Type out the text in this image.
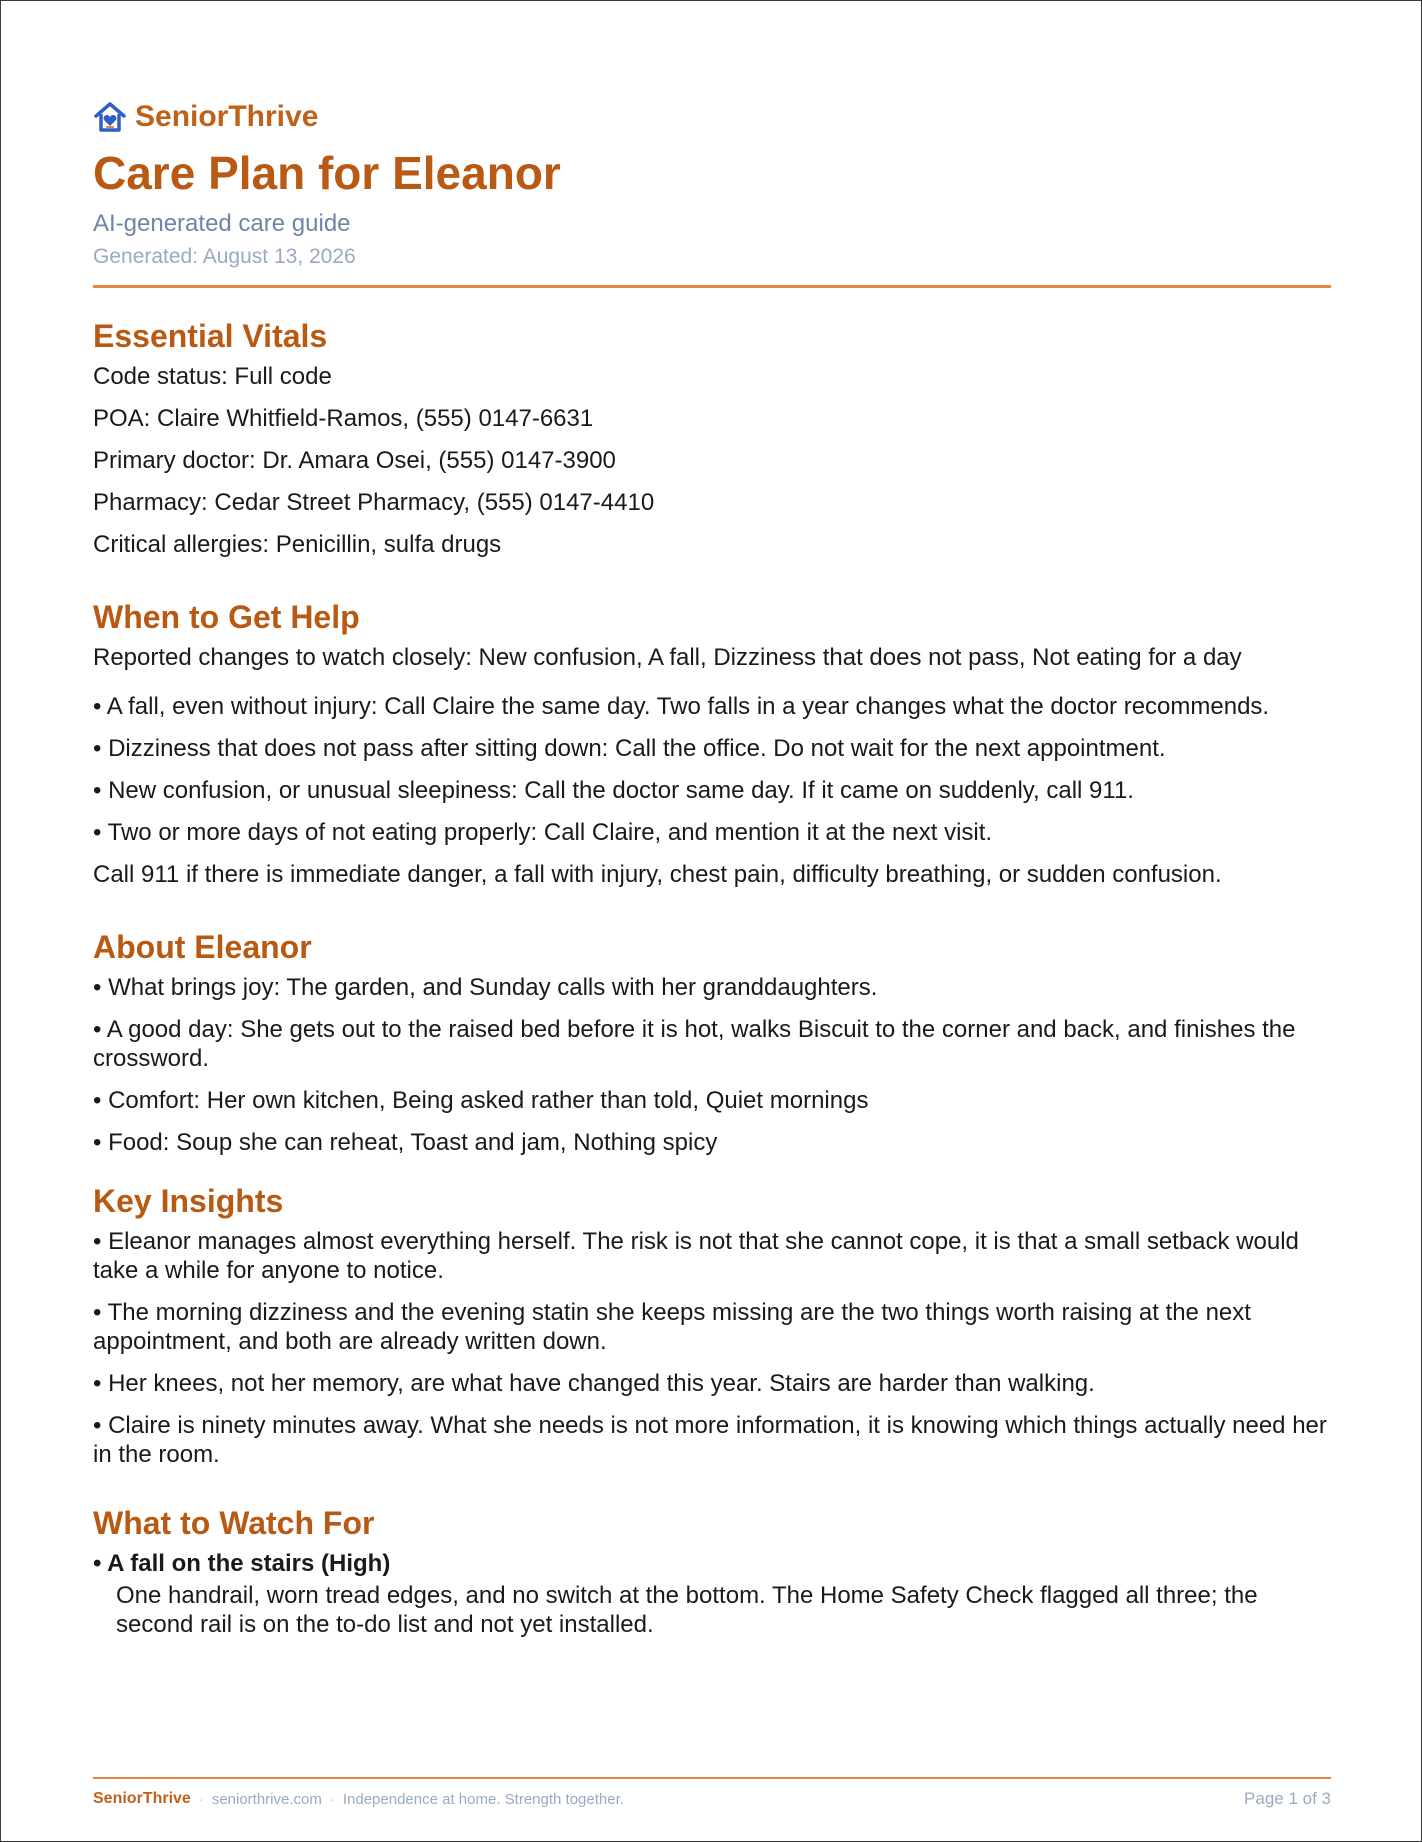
SeniorThrive
Care Plan for Eleanor
AI-generated care guide
Generated: August 13, 2026
Essential Vitals
Code status: Full code
POA: Claire Whitfield-Ramos, (555) 0147-6631
Primary doctor: Dr. Amara Osei, (555) 0147-3900
Pharmacy: Cedar Street Pharmacy, (555) 0147-4410
Critical allergies: Penicillin, sulfa drugs
When to Get Help
Reported changes to watch closely: New confusion, A fall, Dizziness that does not pass, Not eating for a day
• A fall, even without injury: Call Claire the same day. Two falls in a year changes what the doctor recommends.
• Dizziness that does not pass after sitting down: Call the office. Do not wait for the next appointment.
• New confusion, or unusual sleepiness: Call the doctor same day. If it came on suddenly, call 911.
• Two or more days of not eating properly: Call Claire, and mention it at the next visit.
Call 911 if there is immediate danger, a fall with injury, chest pain, difficulty breathing, or sudden confusion.
About Eleanor
• What brings joy: The garden, and Sunday calls with her granddaughters.
• A good day: She gets out to the raised bed before it is hot, walks Biscuit to the corner and back, and finishes the crossword.
• Comfort: Her own kitchen, Being asked rather than told, Quiet mornings
• Food: Soup she can reheat, Toast and jam, Nothing spicy
Key Insights
• Eleanor manages almost everything herself. The risk is not that she cannot cope, it is that a small setback would take a while for anyone to notice.
• The morning dizziness and the evening statin she keeps missing are the two things worth raising at the next appointment, and both are already written down.
• Her knees, not her memory, are what have changed this year. Stairs are harder than walking.
• Claire is ninety minutes away. What she needs is not more information, it is knowing which things actually need her in the room.
What to Watch For
• A fall on the stairs (High)
One handrail, worn tread edges, and no switch at the bottom. The Home Safety Check flagged all three; the second rail is on the to-do list and not yet installed.
SeniorThrive · seniorthrive.com · Independence at home. Strength together.	Page 1 of 3
